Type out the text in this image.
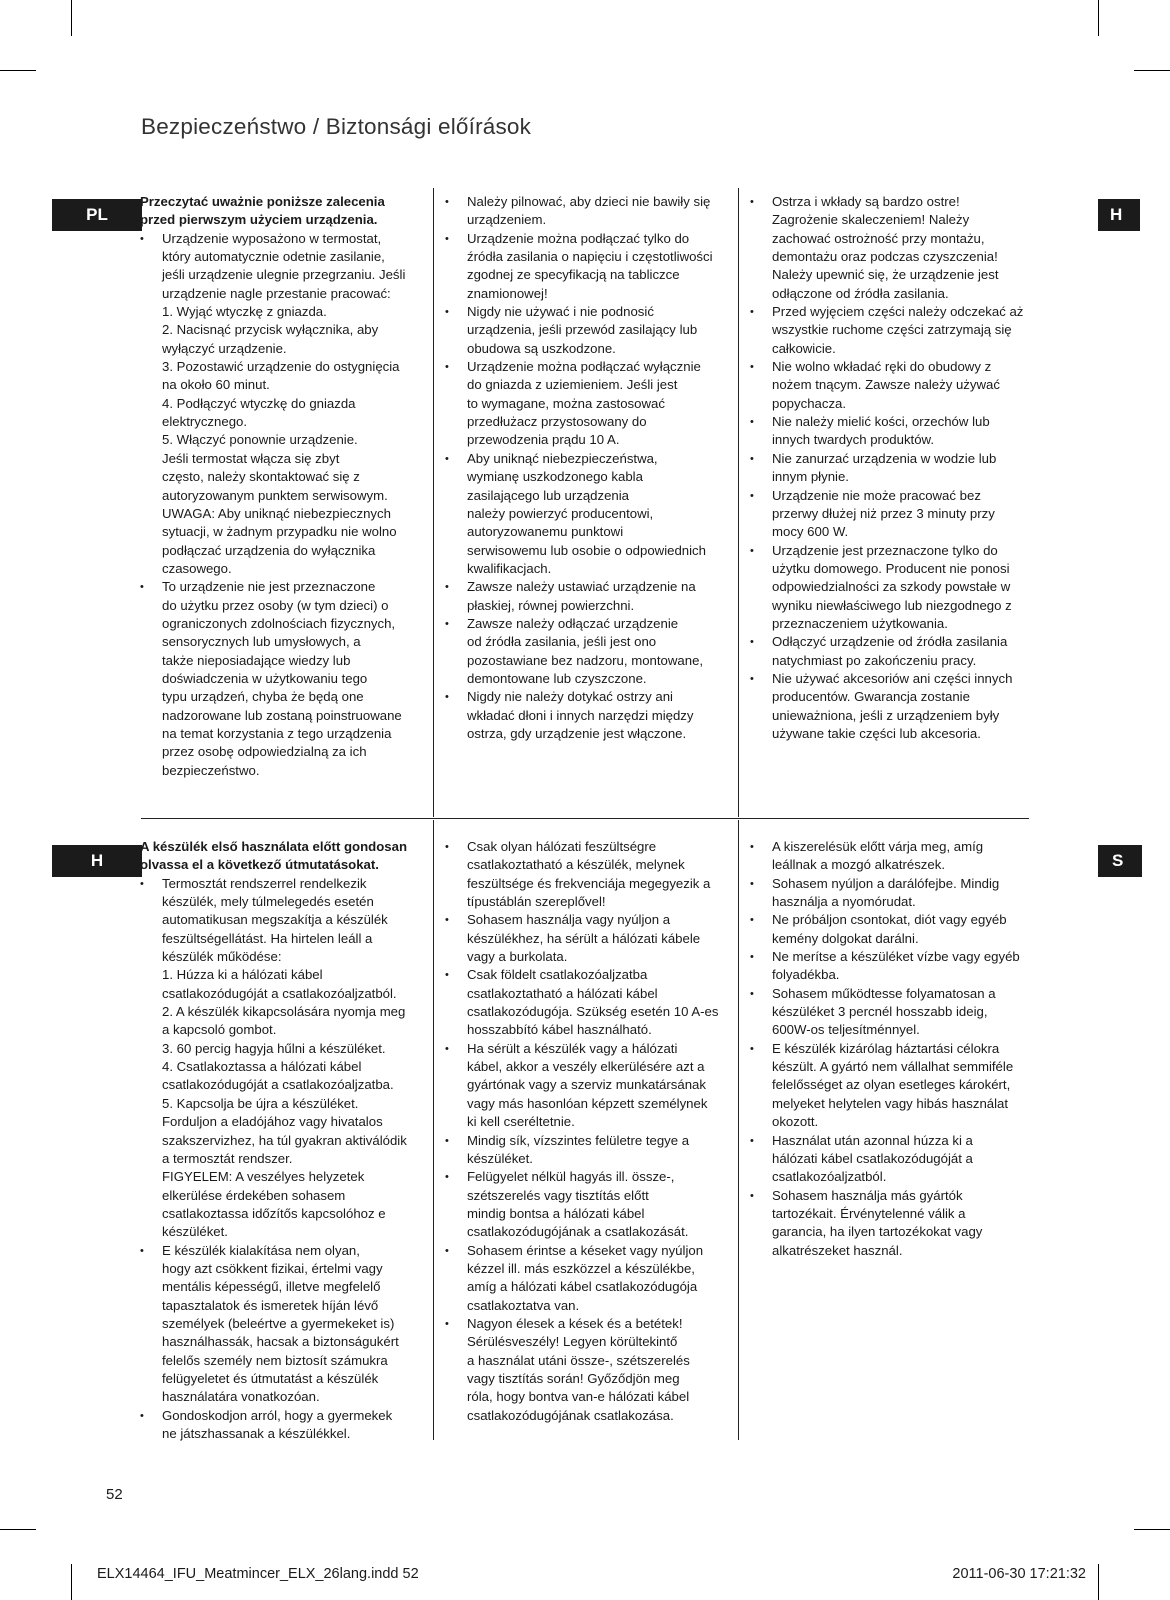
Bezpieczeństwo / Biztonsági előírások
PL
H
H
S

Przeczytać uważnie poniższe zalecenia
przed pierwszym użyciem urządzenia.

• Urządzenie wyposażono w termostat,
który automatycznie odetnie zasilanie,
jeśli urządzenie ulegnie przegrzaniu. Jeśli
urządzenie nagle przestanie pracować:
1. Wyjąć wtyczkę z gniazda.
2. Nacisnąć przycisk wyłącznika, aby
wyłączyć urządzenie.
3. Pozostawić urządzenie do ostygnięcia
na około 60 minut.
4. Podłączyć wtyczkę do gniazda
elektrycznego.
5. Włączyć ponownie urządzenie.
Jeśli termostat włącza się zbyt
często, należy skontaktować się z
autoryzowanym punktem serwisowym.
UWAGA: Aby uniknąć niebezpiecznych
sytuacji, w żadnym przypadku nie wolno
podłączać urządzenia do wyłącznika
czasowego.
• To urządzenie nie jest przeznaczone
do użytku przez osoby (w tym dzieci) o
ograniczonych zdolnościach fizycznych,
sensorycznych lub umysłowych, a
także nieposiadające wiedzy lub
doświadczenia w użytkowaniu tego
typu urządzeń, chyba że będą one
nadzorowane lub zostaną poinstruowane
na temat korzystania z tego urządzenia
przez osobę odpowiedzialną za ich
bezpieczeństwo.
• Należy pilnować, aby dzieci nie bawiły się
urządzeniem.
• Urządzenie można podłączać tylko do
źródła zasilania o napięciu i częstotliwości
zgodnej ze specyfikacją na tabliczce
znamionowej!
• Nigdy nie używać i nie podnosić
urządzenia, jeśli przewód zasilający lub
obudowa są uszkodzone.
• Urządzenie można podłączać wyłącznie
do gniazda z uziemieniem. Jeśli jest
to wymagane, można zastosować
przedłużacz przystosowany do
przewodzenia prądu 10 A.
• Aby uniknąć niebezpieczeństwa,
wymianę uszkodzonego kabla
zasilającego lub urządzenia
należy powierzyć producentowi,
autoryzowanemu punktowi
serwisowemu lub osobie o odpowiednich
kwalifikacjach.
• Zawsze należy ustawiać urządzenie na
płaskiej, równej powierzchni.
• Zawsze należy odłączać urządzenie
od źródła zasilania, jeśli jest ono
pozostawiane bez nadzoru, montowane,
demontowane lub czyszczone.
• Nigdy nie należy dotykać ostrzy ani
wkładać dłoni i innych narzędzi między
ostrza, gdy urządzenie jest włączone.
• Ostrza i wkłady są bardzo ostre!
Zagrożenie skaleczeniem! Należy
zachować ostrożność przy montażu,
demontażu oraz podczas czyszczenia!
Należy upewnić się, że urządzenie jest
odłączone od źródła zasilania.
• Przed wyjęciem części należy odczekać aż
wszystkie ruchome części zatrzymają się
całkowicie.
• Nie wolno wkładać ręki do obudowy z
nożem tnącym. Zawsze należy używać
popychacza.
• Nie należy mielić kości, orzechów lub
innych twardych produktów.
• Nie zanurzać urządzenia w wodzie lub
innym płynie.
• Urządzenie nie może pracować bez
przerwy dłużej niż przez 3 minuty przy
mocy 600 W.
• Urządzenie jest przeznaczone tylko do
użytku domowego. Producent nie ponosi
odpowiedzialności za szkody powstałe w
wyniku niewłaściwego lub niezgodnego z
przeznaczeniem użytkowania.
• Odłączyć urządzenie od źródła zasilania
natychmiast po zakończeniu pracy.
• Nie używać akcesoriów ani części innych
producentów. Gwarancja zostanie
unieważniona, jeśli z urządzeniem były
używane takie części lub akcesoria.

A készülék első használata előtt gondosan
olvassa el a következő útmutatásokat.

• Termosztát rendszerrel rendelkezik
készülék, mely túlmelegedés esetén
automatikusan megszakítja a készülék
feszültségellátást. Ha hirtelen leáll a
készülék működése:
1. Húzza ki a hálózati kábel
csatlakozódugóját a csatlakozóaljzatból.
2. A készülék kikapcsolására nyomja meg
a kapcsoló gombot.
3. 60 percig hagyja hűlni a készüléket.
4. Csatlakoztassa a hálózati kábel
csatlakozódugóját a csatlakozóaljzatba.
5. Kapcsolja be újra a készüléket.
Forduljon a eladójához vagy hivatalos
szakszervizhez, ha túl gyakran aktiválódik
a termosztát rendszer.
FIGYELEM: A veszélyes helyzetek
elkerülése érdekében sohasem
csatlakoztassa időzítős kapcsolóhoz e
készüléket.
• E készülék kialakítása nem olyan,
hogy azt csökkent fizikai, értelmi vagy
mentális képességű, illetve megfelelő
tapasztalatok és ismeretek híján lévő
személyek (beleértve a gyermekeket is)
használhassák, hacsak a biztonságukért
felelős személy nem biztosít számukra
felügyeletet és útmutatást a készülék
használatára vonatkozóan.
• Gondoskodjon arról, hogy a gyermekek
ne játszhassanak a készülékkel.
• Csak olyan hálózati feszültségre
csatlakoztatható a készülék, melynek
feszültsége és frekvenciája megegyezik a
típustáblán szereplővel!
• Sohasem használja vagy nyúljon a
készülékhez, ha sérült a hálózati kábele
vagy a burkolata.
• Csak földelt csatlakozóaljzatba
csatlakoztatható a hálózati kábel
csatlakozódugója. Szükség esetén 10 A-es
hosszabbító kábel használható.
• Ha sérült a készülék vagy a hálózati
kábel, akkor a veszély elkerülésére azt a
gyártónak vagy a szerviz munkatársának
vagy más hasonlóan képzett személynek
ki kell cseréltetnie.
• Mindig sík, vízszintes felületre tegye a
készüléket.
• Felügyelet nélkül hagyás ill. össze-,
szétszerelés vagy tisztítás előtt
mindig bontsa a hálózati kábel
csatlakozódugójának a csatlakozását.
• Sohasem érintse a késeket vagy nyúljon
kézzel ill. más eszközzel a készülékbe,
amíg a hálózati kábel csatlakozódugója
csatlakoztatva van.
• Nagyon élesek a kések és a betétek!
Sérülésveszély! Legyen körültekintő
a használat utáni össze-, szétszerelés
vagy tisztítás során! Győződjön meg
róla, hogy bontva van-e hálózati kábel
csatlakozódugójának csatlakozása.
• A kiszerelésük előtt várja meg, amíg
leállnak a mozgó alkatrészek.
• Sohasem nyúljon a darálófejbe. Mindig
használja a nyomórudat.
• Ne próbáljon csontokat, diót vagy egyéb
kemény dolgokat darálni.
• Ne merítse a készüléket vízbe vagy egyéb
folyadékba.
• Sohasem működtesse folyamatosan a
készüléket 3 percnél hosszabb ideig,
600W-os teljesítménnyel.
• E készülék kizárólag háztartási célokra
készült. A gyártó nem vállalhat semmiféle
felelősséget az olyan esetleges károkért,
melyeket helytelen vagy hibás használat
okozott.
• Használat után azonnal húzza ki a
hálózati kábel csatlakozódugóját a
csatlakozóaljzatból.
• Sohasem használja más gyártók
tartozékait. Érvénytelenné válik a
garancia, ha ilyen tartozékokat vagy
alkatrészeket használ.
52
ELX14464_IFU_Meatmincer_ELX_26lang.indd 52	2011-06-30 17:21:32
